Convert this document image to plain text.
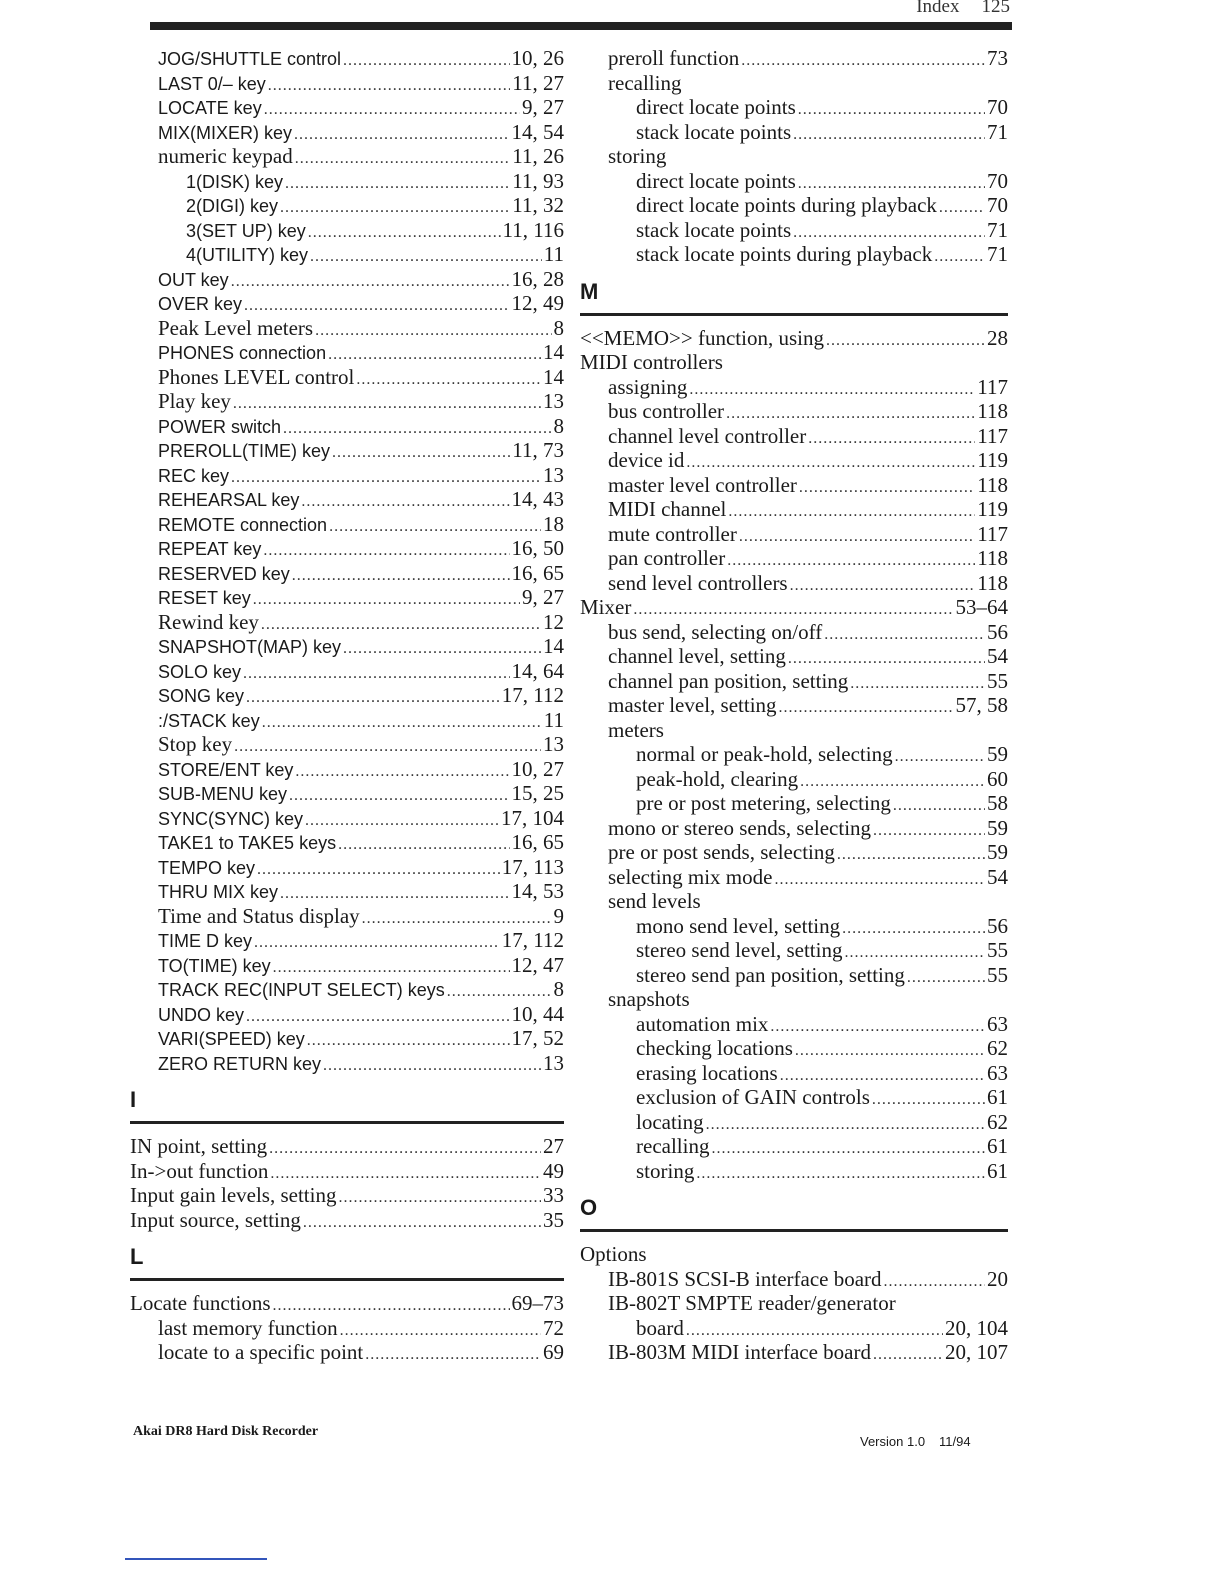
Index 125
JOG/SHUTTLE control .....	10, 26
LAST 0/– key .....	11, 27
LOCATE key .....	9, 27
MIX(MIXER) key .....	14, 54
numeric keypad .....	11, 26
1(DISK) key .....	11, 93
2(DIGI) key .....	11, 32
3(SET UP) key .....	11, 116
4(UTILITY) key .....	11
OUT key .....	16, 28
OVER key .....	12, 49
Peak Level meters .....	8
PHONES connection .....	14
Phones LEVEL control .....	14
Play key .....	13
POWER switch .....	8
PREROLL(TIME) key .....	11, 73
REC key .....	13
REHEARSAL key .....	14, 43
REMOTE connection .....	18
REPEAT key .....	16, 50
RESERVED key .....	16, 65
RESET key .....	9, 27
Rewind key .....	12
SNAPSHOT(MAP) key .....	14
SOLO key .....	14, 64
SONG key .....	17, 112
:/STACK key .....	11
Stop key .....	13
STORE/ENT key .....	10, 27
SUB-MENU key .....	15, 25
SYNC(SYNC) key .....	17, 104
TAKE1 to TAKE5 keys .....	16, 65
TEMPO key .....	17, 113
THRU MIX key .....	14, 53
Time and Status display .....	9
TIME D key .....	17, 112
TO(TIME) key .....	12, 47
TRACK REC(INPUT SELECT) keys .....	8
UNDO key .....	10, 44
VARI(SPEED) key .....	17, 52
ZERO RETURN key .....	13
I
IN point, setting .....	27
In->out function .....	49
Input gain levels, setting .....	33
Input source, setting .....	35
L
Locate functions .....	69–73
last memory function .....	72
locate to a specific point .....	69
preroll function .....	73
recalling
direct locate points .....	70
stack locate points .....	71
storing
direct locate points .....	70
direct locate points during playback ..... 70
stack locate points .....	71
stack locate points during playback .....	71
M
<<MEMO>> function, using .....	28
MIDI controllers
assigning .....	117
bus controller .....	118
channel level controller .....	117
device id .....	119
master level controller .....	118
MIDI channel .....	119
mute controller .....	117
pan controller .....	118
send level controllers .....	118
Mixer .....	53–64
bus send, selecting on/off .....	56
channel level, setting .....	54
channel pan position, setting .....	55
master level, setting .....	57, 58
meters
normal or peak-hold, selecting .....	59
peak-hold, clearing .....	60
pre or post metering, selecting .....	58
mono or stereo sends, selecting .....	59
pre or post sends, selecting .....	59
selecting mix mode .....	54
send levels
mono send level, setting .....	56
stereo send level, setting .....	55
stereo send pan position, setting .....	55
snapshots
automation mix .....	63
checking locations .....	62
erasing locations .....	63
exclusion of GAIN controls .....	61
locating .....	62
recalling .....	61
storing .....	61
O
Options
IB-801S SCSI-B interface board .....	20
IB-802T SMPTE reader/generator
board .....	20, 104
IB-803M MIDI interface board .....	20, 107
Akai DR8 Hard Disk Recorder
Version 1.0 11/94
